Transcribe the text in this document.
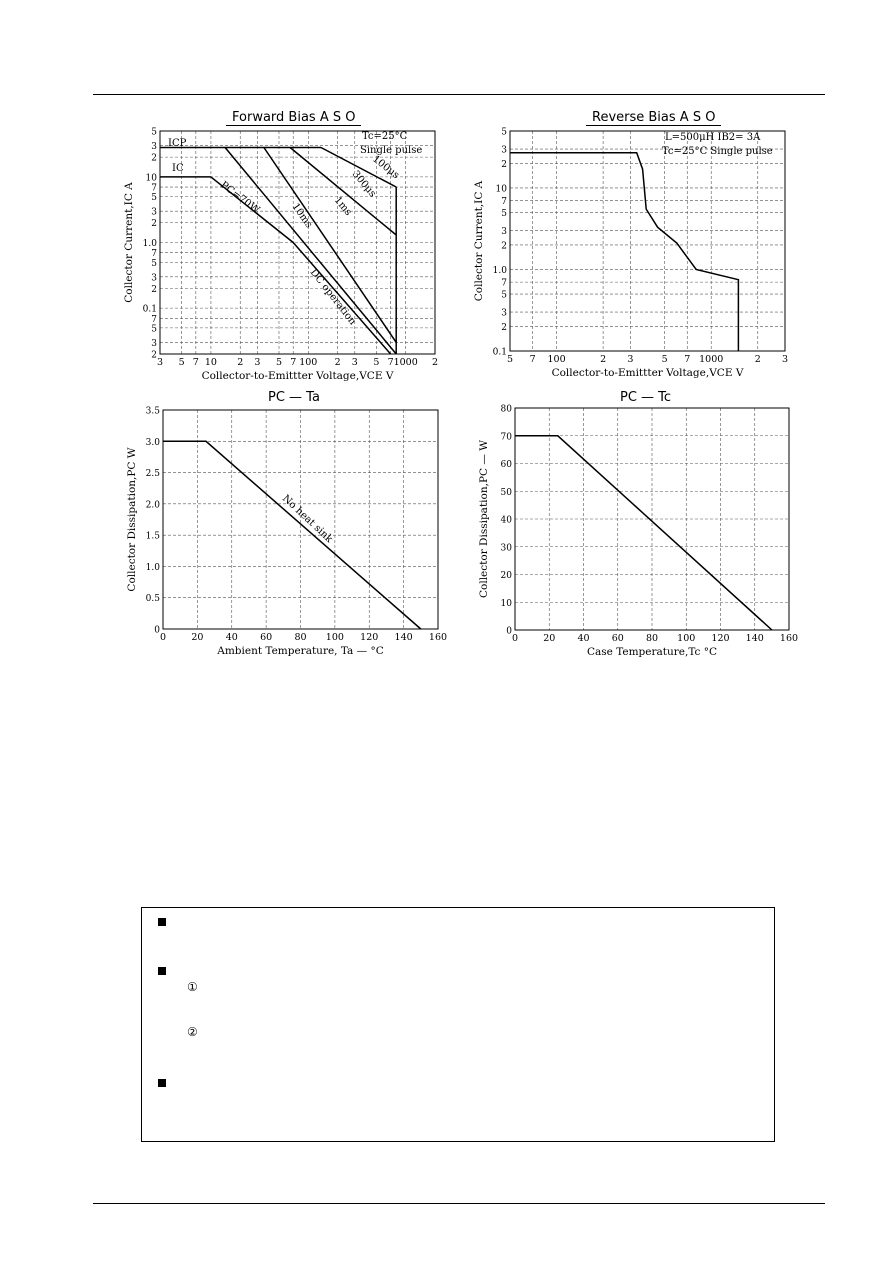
Forward Bias A S O
3 5 7 10 2 3 5 7 100 2 3 5 7 1000 2
2
3
5
7
0.1
2
3
5
7
1.0
2
3
5
7
10
2
3
5
Collector-to-Emittter Voltage,VCE V
Collector Current,IC A
Tc=25°C
Single pulse
ICP
IC
PC=70W
100μs
300μs
1ms
10ms
DC operation
Reverse Bias A S O
5 7 100	2 3	5 7 1000	2 3
0.1
2
3
5
7
1.0
2
3
5
7
10
2
3
5
Collector-to-Emittter Voltage,VCE V
Collector Current,IC A
L=500μH IB2= 3A
Tc=25°C Single pulse
PC — Ta
0	20 40 60 80 100 120 140 160
0
0.5
1.0
1.5
2.0
2.5
3.0
3.5
Ambient Temperature, Ta — °C
Collector Dissipation,PC W	No heat sink
PC — Tc
0	20 40 60 80 100 120 140 160
0
10
20
30
40
50
60
70
80
Case Temperature,Tc °C
Collector Dissipation,PC — W
①
②
